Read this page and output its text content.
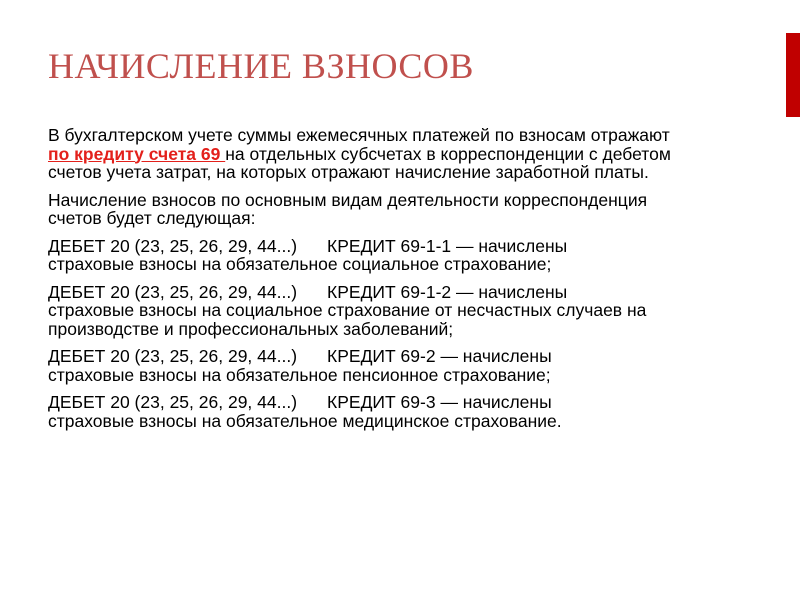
НАЧИСЛЕНИЕ ВЗНОСОВ

В бухгалтерском учете суммы ежемесячных платежей по взносам отражают по кредиту счета 69 на отдельных субсчетах в корреспонденции с дебетом счетов учета затрат, на которых отражают начисление заработной платы.

Начисление взносов по основным видам деятельности корреспонденция счетов будет следующая:

ДЕБЕТ 20 (23, 25, 26, 29, 44...) КРЕДИТ 69-1-1 — начислены
страховые взносы на обязательное социальное страхование;

ДЕБЕТ 20 (23, 25, 26, 29, 44...) КРЕДИТ 69-1-2 — начислены
страховые взносы на социальное страхование от несчастных случаев на производстве и профессиональных заболеваний;

ДЕБЕТ 20 (23, 25, 26, 29, 44...) КРЕДИТ 69-2 — начислены
страховые взносы на обязательное пенсионное страхование;

ДЕБЕТ 20 (23, 25, 26, 29, 44...) КРЕДИТ 69-3 — начислены
страховые взносы на обязательное медицинское страхование.
